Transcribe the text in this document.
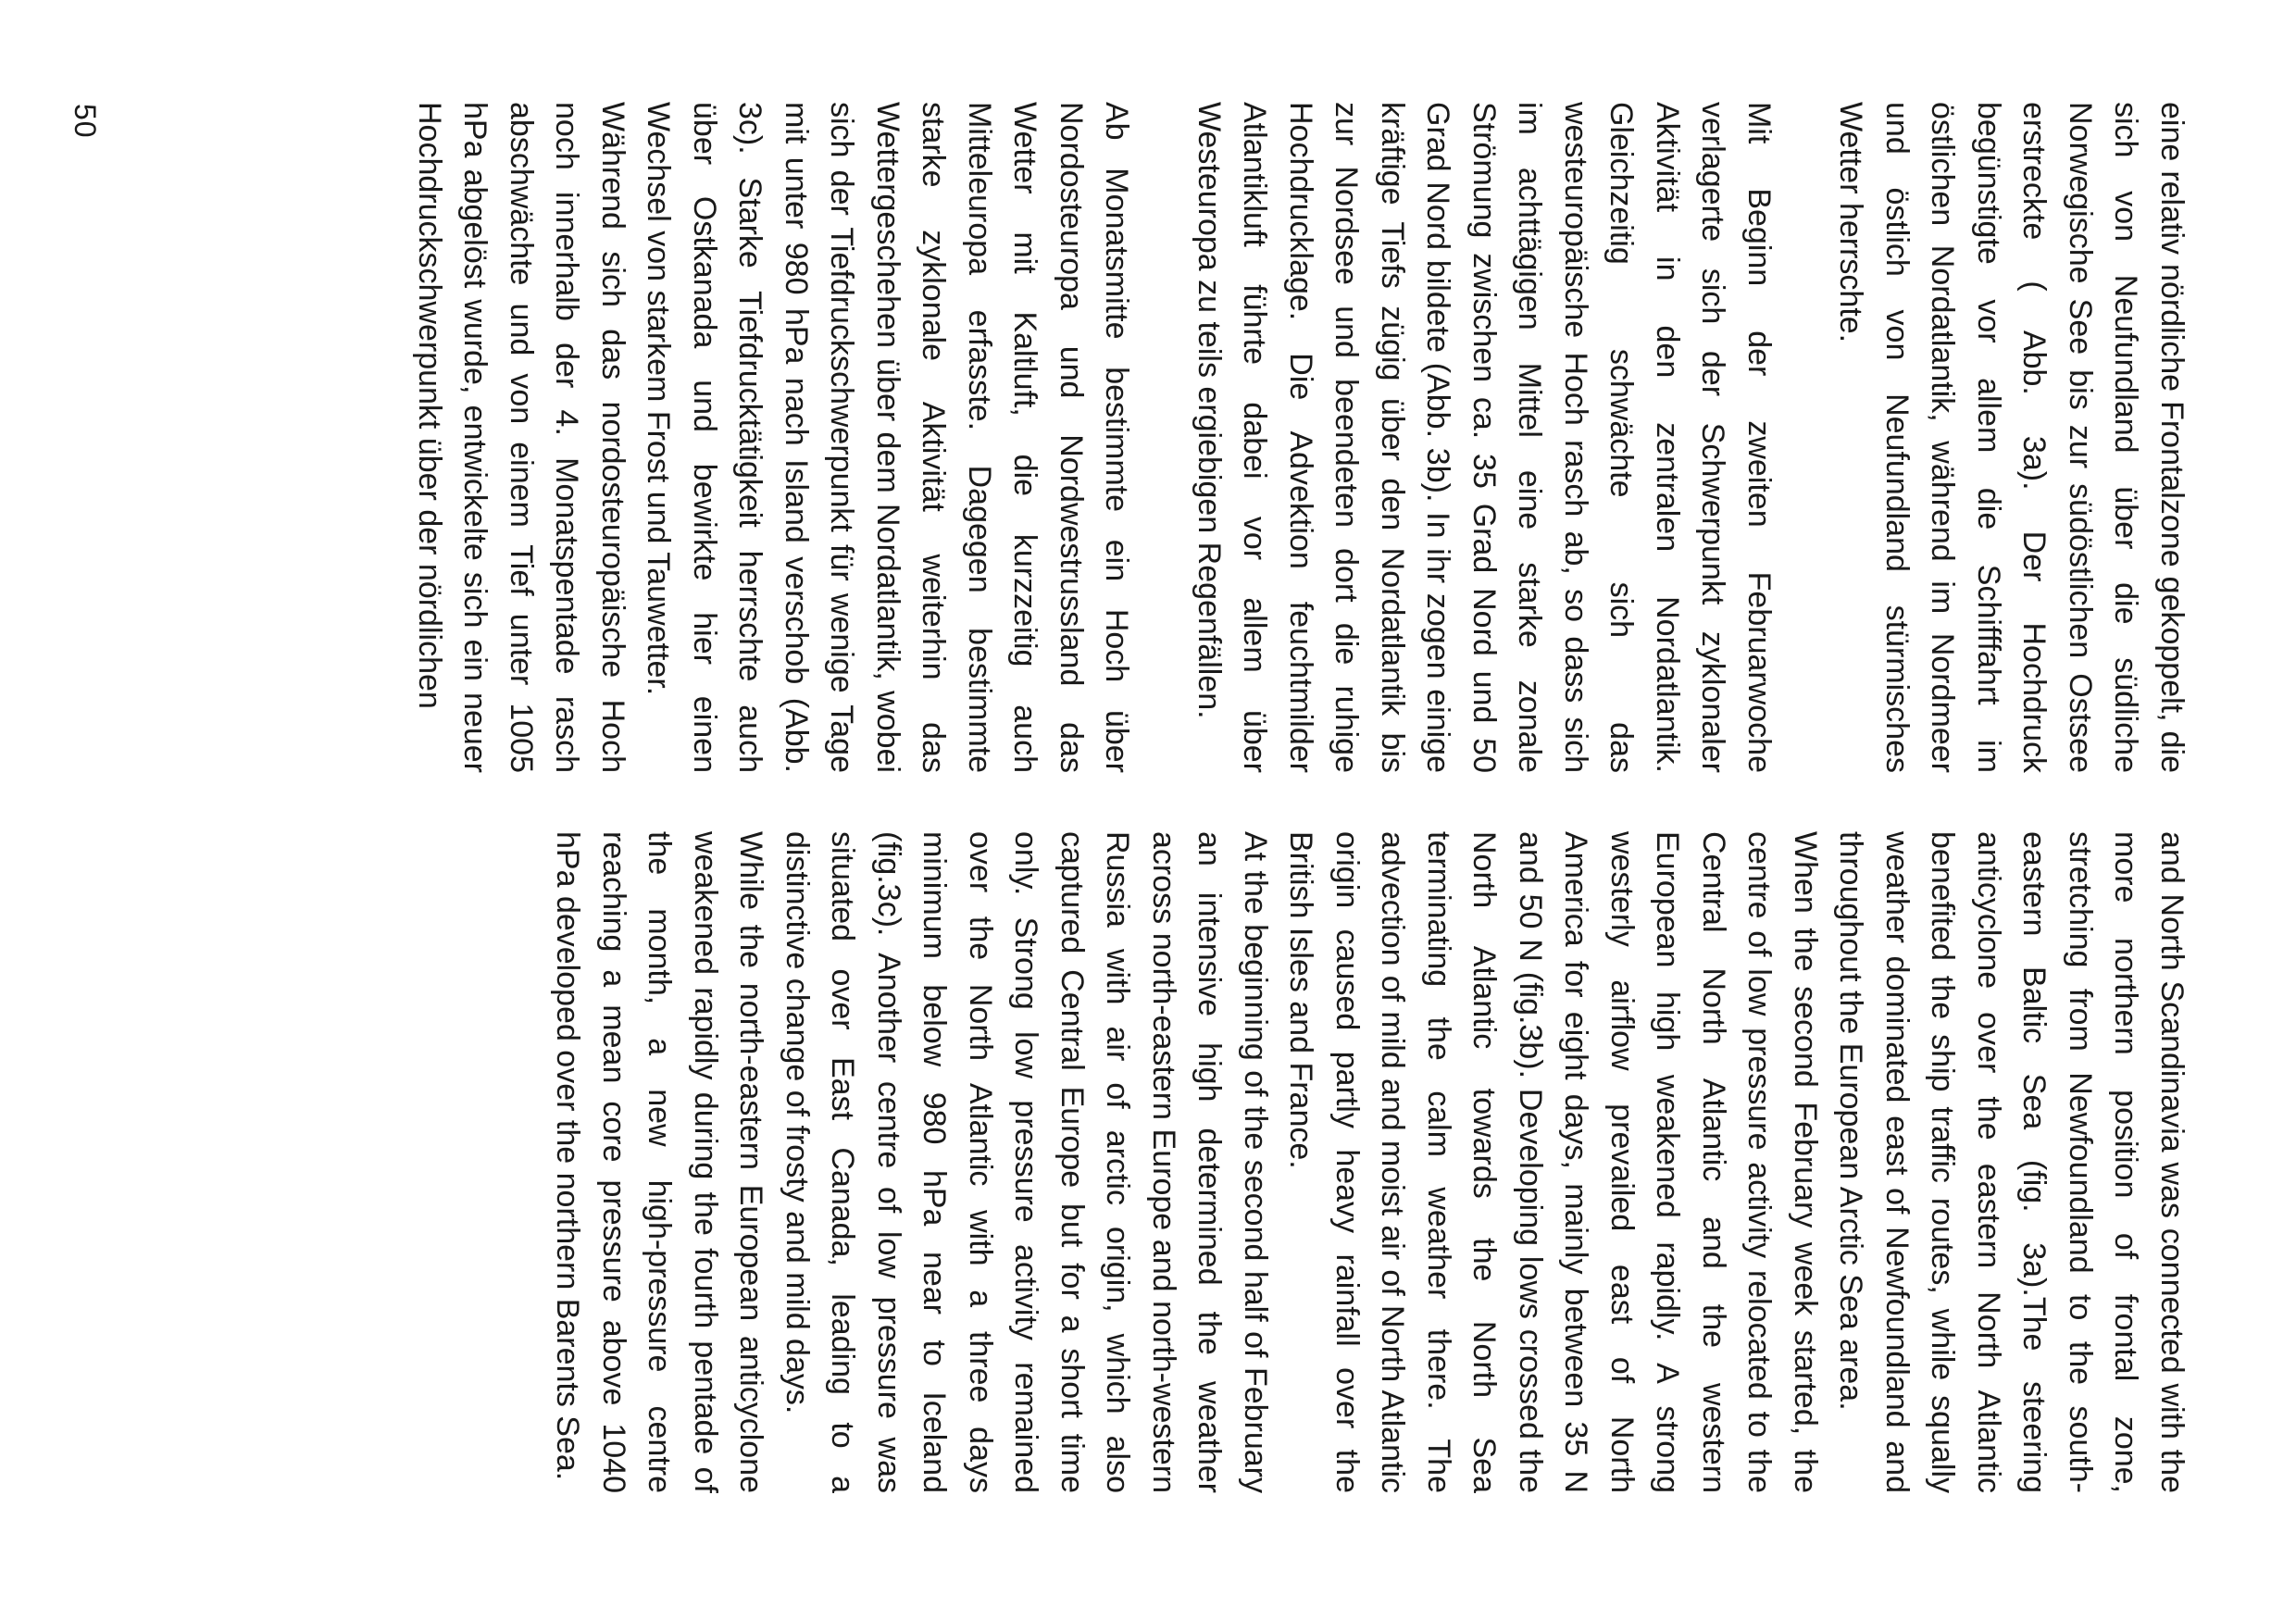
eine relativ nördliche Frontalzone gekoppelt, die sich von Neufundland über die südliche Norwegische See bis zur südöstlichen Ostsee erstreckte ( Abb. 3a). Der Hochdruck begünstigte vor allem die Schifffahrt im östlichen Nordatlantik, während im Nordmeer und östlich von Neufundland stürmisches Wetter herrschte.

Mit Beginn der zweiten Februarwoche verlagerte sich der Schwerpunkt zyklonaler Aktivität in den zentralen Nordatlantik. Gleichzeitig schwächte sich das westeuropäische Hoch rasch ab, so dass sich im achttägigen Mittel eine starke zonale Strömung zwischen ca. 35 Grad Nord und 50 Grad Nord bildete (Abb. 3b). In ihr zogen einige kräftige Tiefs zügig über den Nordatlantik bis zur Nordsee und beendeten dort die ruhige Hochdrucklage. Die Advektion feuchtmilder Atlantikluft führte dabei vor allem über Westeuropa zu teils ergiebigen Regenfällen.

Ab Monatsmitte bestimmte ein Hoch über Nordosteuropa und Nordwestrussland das Wetter mit Kaltluft, die kurzzeitig auch Mitteleuropa erfasste. Dagegen bestimmte starke zyklonale Aktivität weiterhin das Wettergeschehen über dem Nordatlantik, wobei sich der Tiefdruckschwerpunkt für wenige Tage mit unter 980 hPa nach Island verschob (Abb. 3c). Starke Tiefdrucktätigkeit herrschte auch über Ostkanada und bewirkte hier einen Wechsel von starkem Frost und Tauwetter.

Während sich das nordosteuropäische Hoch noch innerhalb der 4. Monatspentade rasch abschwächte und von einem Tief unter 1005 hPa abgelöst wurde, entwickelte sich ein neuer Hochdruckschwerpunkt über der nördlichen

and North Scandinavia was connected with the more northern position of frontal zone, stretching from Newfoundland to the south-eastern Baltic Sea (fig. 3a).The steering anticyclone over the eastern North Atlantic benefited the ship traffic routes, while squally weather dominated east of Newfoundland and throughout the European Arctic Sea area.

When the second February week started, the centre of low pressure activity relocated to the Central North Atlantic and the western European high weakened rapidly. A strong westerly airflow prevailed east of North America for eight days, mainly between 35 N and 50 N (fig.3b). Developing lows crossed the North Atlantic towards the North Sea terminating the calm weather there. The advection of mild and moist air of North Atlantic origin caused partly heavy rainfall over the British Isles and France.

At the beginning of the second half of February an intensive high determined the weather across north-eastern Europe and north-western Russia with air of arctic origin, which also captured Central Europe but for a short time only. Strong low pressure activity remained over the North Atlantic with a three days minimum below 980 hPa near to Iceland (fig.3c). Another centre of low pressure was situated over East Canada, leading to a distinctive change of frosty and mild days.

While the north-eastern European anticyclone weakened rapidly during the fourth pentade of the month, a new high-pressure centre reaching a mean core pressure above 1040 hPa developed over the northern Barents Sea.

50
